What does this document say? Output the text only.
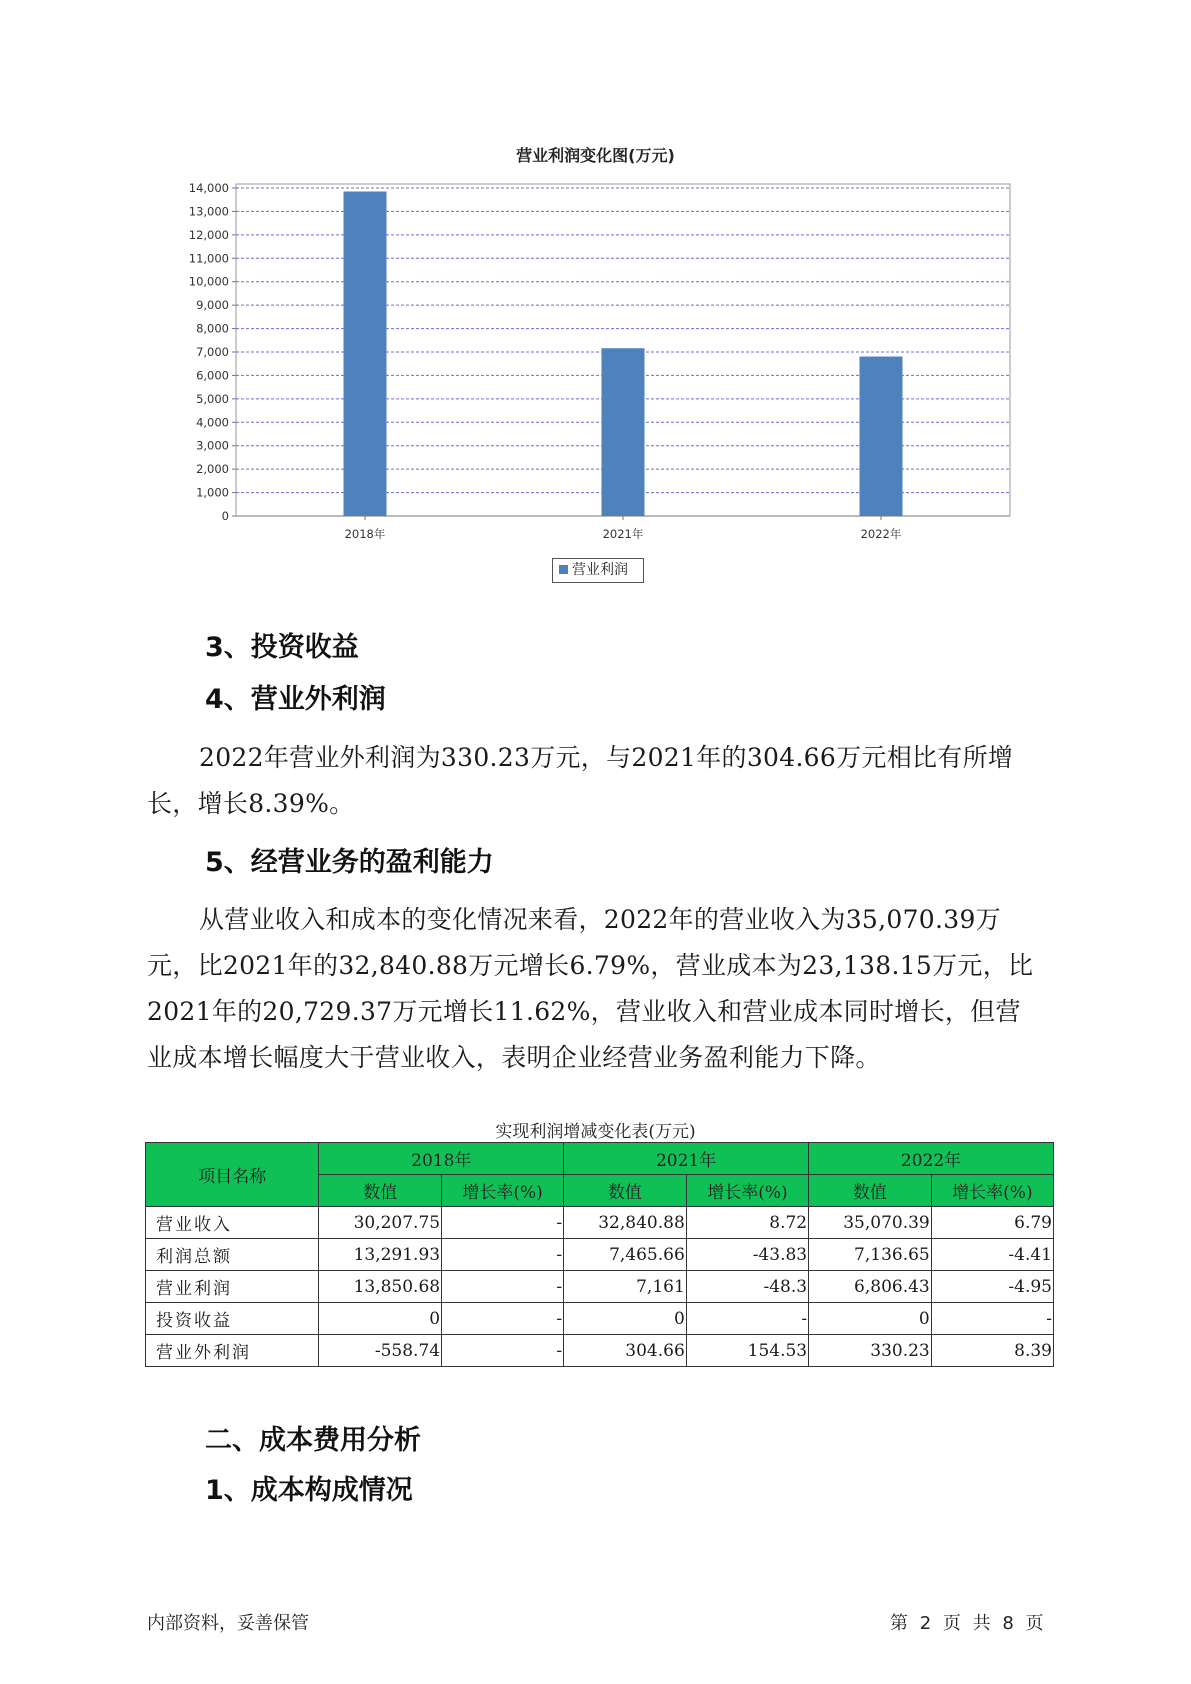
营业利润变化图(万元)
0
1,000
2,000
3,000
4,000
5,000
6,000
7,000
8,000
9,000
10,000
11,000
12,000
13,000
14,000
2018年	2021年	2022年
营业利润
3、投资收益
4、营业外利润
2022年营业外利润为330.23万元，与2021年的304.66万元相比有所增
长，增长8.39%。
5、经营业务的盈利能力
从营业收入和成本的变化情况来看，2022年的营业收入为35,070.39万
元，比2021年的32,840.88万元增长6.79%，营业成本为23,138.15万元，比
2021年的20,729.37万元增长11.62%，营业收入和营业成本同时增长，但营
业成本增长幅度大于营业收入，表明企业经营业务盈利能力下降。
实现利润增减变化表(万元)
项目名称	2018年		2021年		2022年	
	数值	增长率(%)	数值	增长率(%)	数值	增长率(%)
营业收入	30,207.75	-	32,840.88	8.72	35,070.39	6.79
利润总额	13,291.93	-	7,465.66	-43.83	7,136.65	-4.41
营业利润	13,850.68	-	7,161	-48.3	6,806.43	-4.95
投资收益	0	-	0	-	0	-
营业外利润	-558.74	-	304.66	154.53	330.23	8.39
二、成本费用分析
1、成本构成情况
内部资料，妥善保管	第 2 页 共 8 页
